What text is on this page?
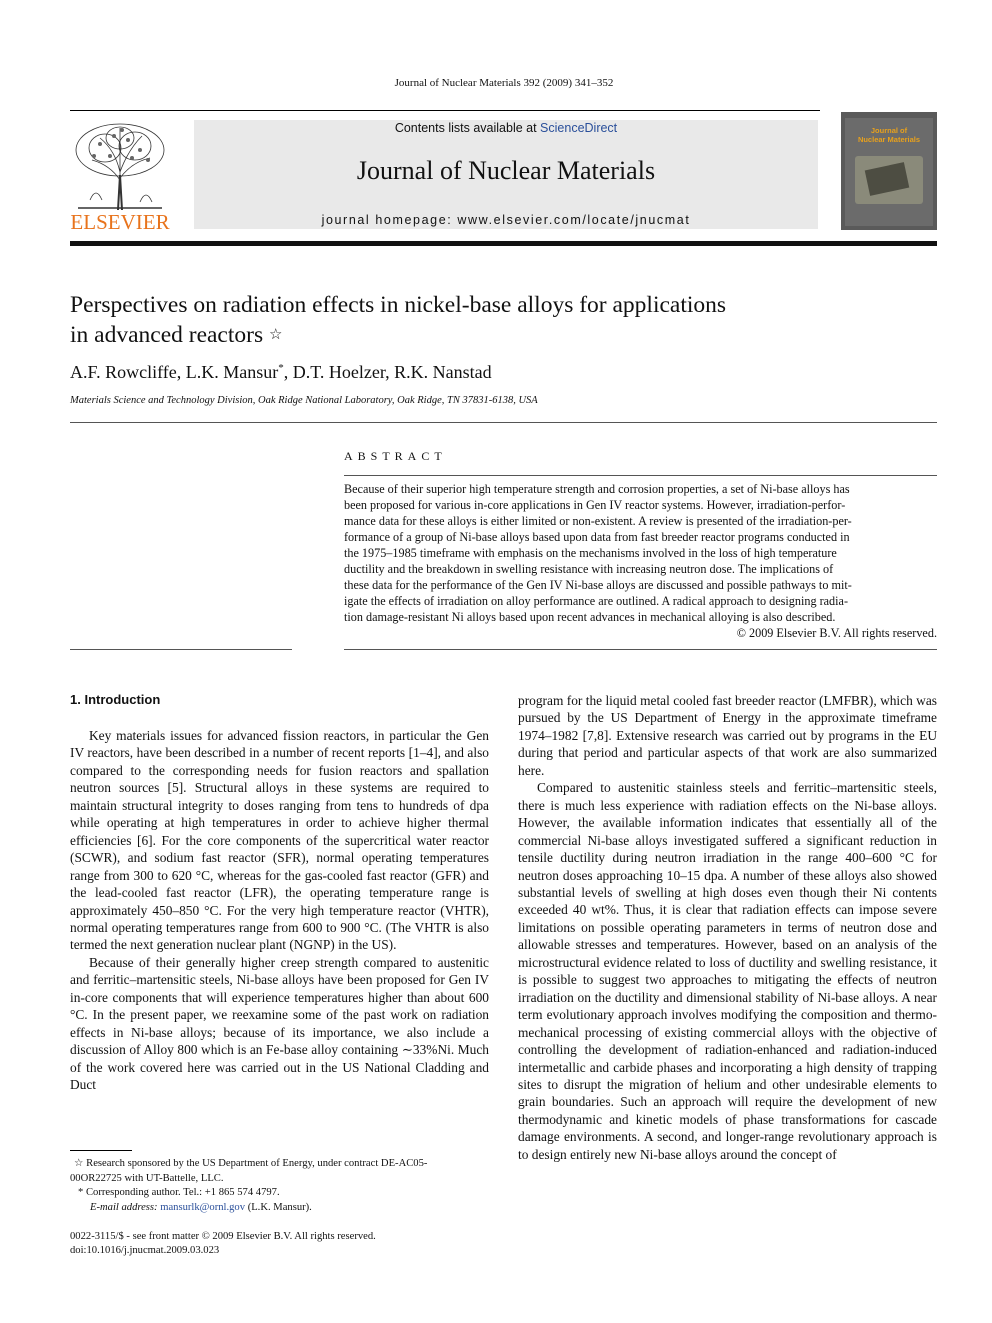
Journal of Nuclear Materials 392 (2009) 341–352
ELSEVIER
Contents lists available at ScienceDirect
Journal of Nuclear Materials
journal homepage: www.elsevier.com/locate/jnucmat
Journal of
Nuclear Materials
Perspectives on radiation effects in nickel-base alloys for applications
in advanced reactors ☆
A.F. Rowcliffe, L.K. Mansur*, D.T. Hoelzer, R.K. Nanstad
Materials Science and Technology Division, Oak Ridge National Laboratory, Oak Ridge, TN 37831-6138, USA
ABSTRACT
Because of their superior high temperature strength and corrosion properties, a set of Ni-base alloys has
been proposed for various in-core applications in Gen IV reactor systems. However, irradiation-perfor-
mance data for these alloys is either limited or non-existent. A review is presented of the irradiation-per-
formance of a group of Ni-base alloys based upon data from fast breeder reactor programs conducted in
the 1975–1985 timeframe with emphasis on the mechanisms involved in the loss of high temperature
ductility and the breakdown in swelling resistance with increasing neutron dose. The implications of
these data for the performance of the Gen IV Ni-base alloys are discussed and possible pathways to mit-
igate the effects of irradiation on alloy performance are outlined. A radical approach to designing radia-
tion damage-resistant Ni alloys based upon recent advances in mechanical alloying is also described.
© 2009 Elsevier B.V. All rights reserved.
1. Introduction

Key materials issues for advanced fission reactors, in particular the Gen IV reactors, have been described in a number of recent reports [1–4], and also compared to the corresponding needs for fusion reactors and spallation neutron sources [5]. Structural alloys in these systems are required to maintain structural integrity to doses ranging from tens to hundreds of dpa while operating at high temperatures in order to achieve higher thermal efficiencies [6]. For the core components of the supercritical water reactor (SCWR), and sodium fast reactor (SFR), normal operating temperatures range from 300 to 620 °C, whereas for the gas-cooled fast reactor (GFR) and the lead-cooled fast reactor (LFR), the operating temperature range is approximately 450–850 °C. For the very high temperature reactor (VHTR), normal operating temperatures range from 600 to 900 °C. (The VHTR is also termed the next generation nuclear plant (NGNP) in the US).

Because of their generally higher creep strength compared to austenitic and ferritic–martensitic steels, Ni-base alloys have been proposed for Gen IV in-core components that will experience temperatures higher than about 600 °C. In the present paper, we reexamine some of the past work on radiation effects in Ni-base alloys; because of its importance, we also include a discussion of Alloy 800 which is an Fe-base alloy containing ∼33%Ni. Much of the work covered here was carried out in the US National Cladding and Duct

program for the liquid metal cooled fast breeder reactor (LMFBR), which was pursued by the US Department of Energy in the approximate timeframe 1974–1982 [7,8]. Extensive research was carried out by programs in the EU during that period and particular aspects of that work are also summarized here.

Compared to austenitic stainless steels and ferritic–martensitic steels, there is much less experience with radiation effects on the Ni-base alloys. However, the available information indicates that essentially all of the commercial Ni-base alloys investigated suffered a significant reduction in tensile ductility during neutron irradiation in the range 400–600 °C for neutron doses approaching 10–15 dpa. A number of these alloys also showed substantial levels of swelling at high doses even though their Ni contents exceeded 40 wt%. Thus, it is clear that radiation effects can impose severe limitations on possible operating parameters in terms of neutron dose and allowable stresses and temperatures. However, based on an analysis of the microstructural evidence related to loss of ductility and swelling resistance, it is possible to suggest two approaches to mitigating the effects of neutron irradiation on the ductility and dimensional stability of Ni-base alloys. A near term evolutionary approach involves modifying the composition and thermo-mechanical processing of existing commercial alloys with the objective of controlling the development of radiation-enhanced and radiation-induced intermetallic and carbide phases and incorporating a high density of trapping sites to disrupt the migration of helium and other undesirable elements to grain boundaries. Such an approach will require the development of new thermodynamic and kinetic models of phase transformations for cascade damage environments. A second, and longer-range revolutionary approach is to design entirely new Ni-base alloys around the concept of

☆ Research sponsored by the US Department of Energy, under contract DE-AC05-
00OR22725 with UT-Battelle, LLC.
* Corresponding author. Tel.: +1 865 574 4797.
E-mail address: mansurlk@ornl.gov (L.K. Mansur).
0022-3115/$ - see front matter © 2009 Elsevier B.V. All rights reserved.
doi:10.1016/j.jnucmat.2009.03.023
